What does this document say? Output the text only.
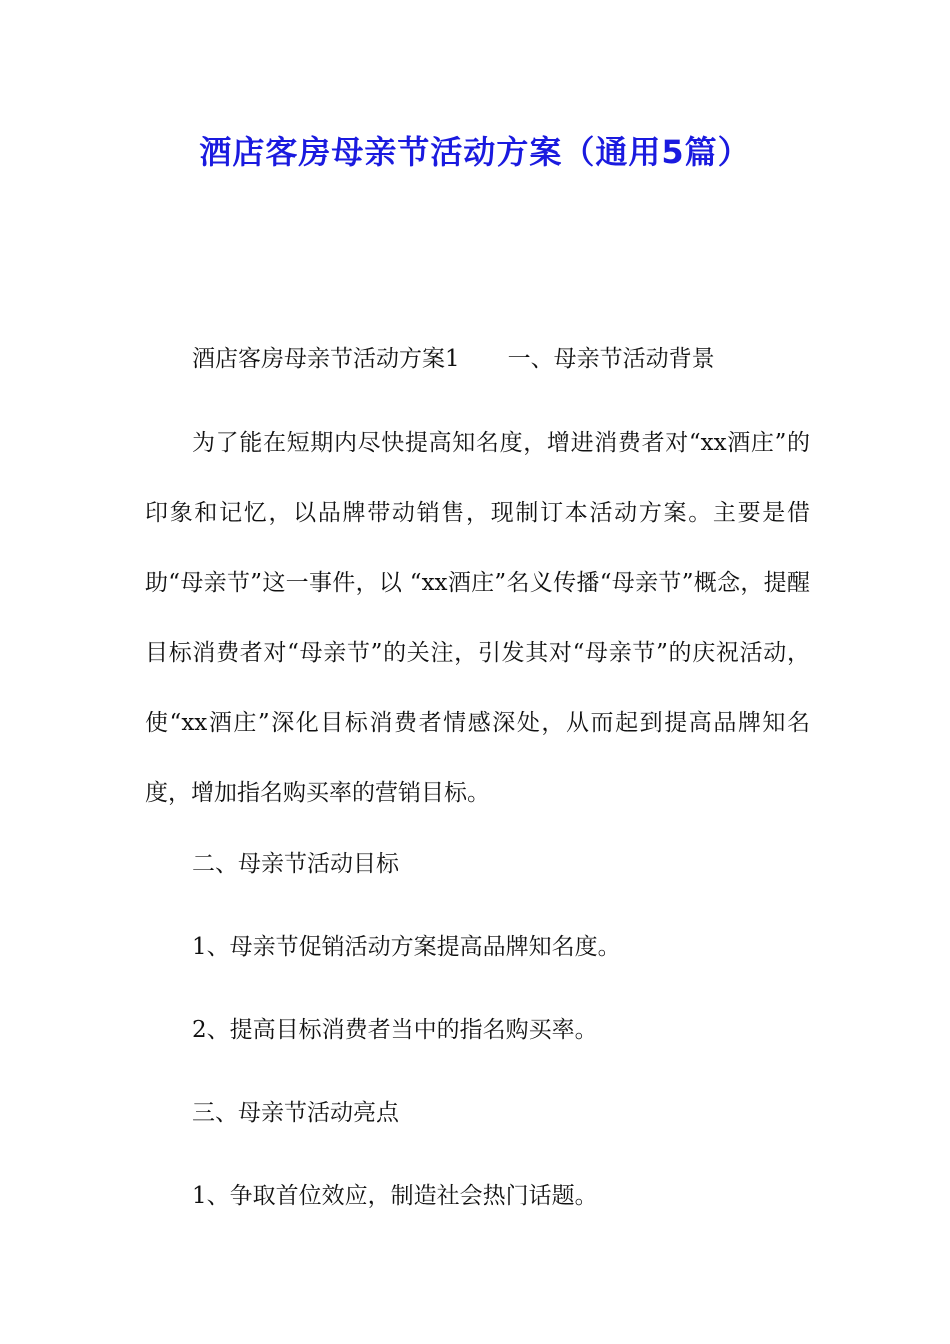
酒店客房母亲节活动方案（通用5篇）

酒店客房母亲节活动方案1 一、母亲节活动背景

为了能在短期内尽快提高知名度，增进消费者对“xx酒庄”的印象和记忆，以品牌带动销售，现制订本活动方案。主要是借助“母亲节”这一事件，以 “xx酒庄”名义传播“母亲节”概念，提醒目标消费者对“母亲节”的关注，引发其对“母亲节”的庆祝活动，使“xx酒庄”深化目标消费者情感深处，从而起到提高品牌知名度，增加指名购买率的营销目标。

二、母亲节活动目标

1、母亲节促销活动方案提高品牌知名度。

2、提高目标消费者当中的指名购买率。

三、母亲节活动亮点

1、争取首位效应，制造社会热门话题。
